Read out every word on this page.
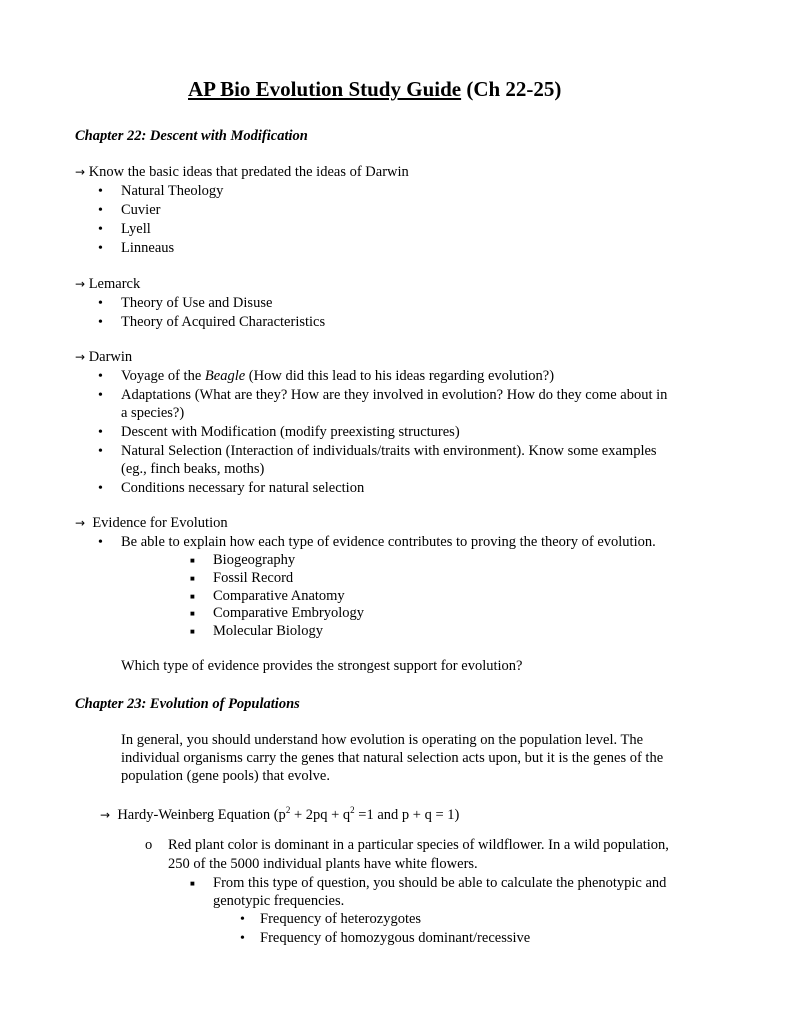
AP Bio Evolution Study Guide (Ch 22-25)
Chapter 22: Descent with Modification
→ Know the basic ideas that predated the ideas of Darwin
• Natural Theology
• Cuvier
• Lyell
• Linneaus
→ Lemarck
• Theory of Use and Disuse
• Theory of Acquired Characteristics
→ Darwin
• Voyage of the Beagle (How did this lead to his ideas regarding evolution?)
• Adaptations (What are they? How are they involved in evolution? How do they come about in
a species?)
• Descent with Modification (modify preexisting structures)
• Natural Selection (Interaction of individuals/traits with environment). Know some examples
(eg., finch beaks, moths)
• Conditions necessary for natural selection
→ Evidence for Evolution
• Be able to explain how each type of evidence contributes to proving the theory of evolution.
■ Biogeography
■ Fossil Record
■ Comparative Anatomy
■ Comparative Embryology
■ Molecular Biology
Which type of evidence provides the strongest support for evolution?
Chapter 23: Evolution of Populations
In general, you should understand how evolution is operating on the population level. The
individual organisms carry the genes that natural selection acts upon, but it is the genes of the
population (gene pools) that evolve.
→ Hardy-Weinberg Equation ($p^2 + 2pq + q^2 =1$ and p + q = 1)
o Red plant color is dominant in a particular species of wildflower. In a wild population,
250 of the 5000 individual plants have white flowers.
■ From this type of question, you should be able to calculate the phenotypic and
genotypic frequencies.
• Frequency of heterozygotes
• Frequency of homozygous dominant/recessive
